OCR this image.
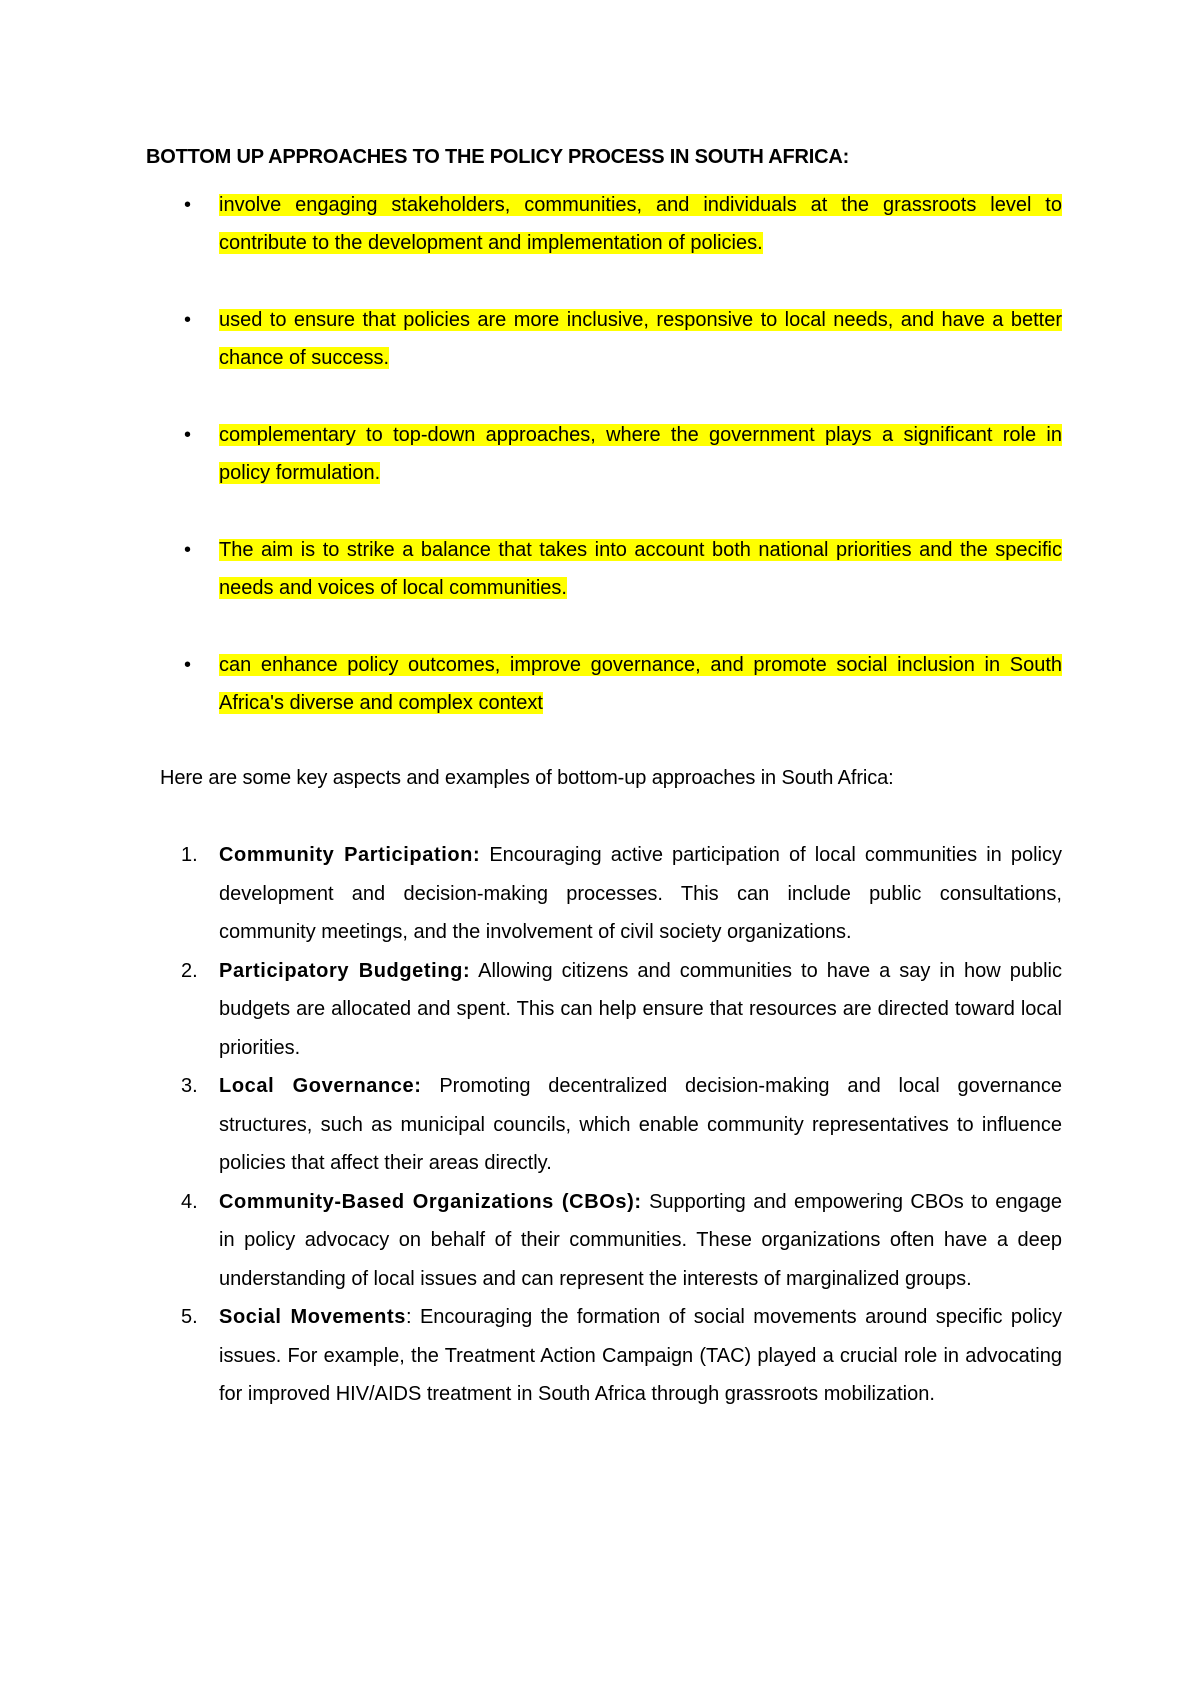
BOTTOM UP APPROACHES TO THE POLICY PROCESS IN SOUTH AFRICA:
• involve engaging stakeholders, communities, and individuals at the grassroots level to contribute to the development and implementation of policies.
• used to ensure that policies are more inclusive, responsive to local needs, and have a better chance of success.
• complementary to top-down approaches, where the government plays a significant role in policy formulation.
• The aim is to strike a balance that takes into account both national priorities and the specific needs and voices of local communities.
• can enhance policy outcomes, improve governance, and promote social inclusion in South Africa's diverse and complex context

Here are some key aspects and examples of bottom-up approaches in South Africa:

1. Community Participation: Encouraging active participation of local communities in policy development and decision-making processes. This can include public consultations, community meetings, and the involvement of civil society organizations.
2. Participatory Budgeting: Allowing citizens and communities to have a say in how public budgets are allocated and spent. This can help ensure that resources are directed toward local priorities.
3. Local Governance: Promoting decentralized decision-making and local governance structures, such as municipal councils, which enable community representatives to influence policies that affect their areas directly.
4. Community-Based Organizations (CBOs): Supporting and empowering CBOs to engage in policy advocacy on behalf of their communities. These organizations often have a deep understanding of local issues and can represent the interests of marginalized groups.
5. Social Movements: Encouraging the formation of social movements around specific policy issues. For example, the Treatment Action Campaign (TAC) played a crucial role in advocating for improved HIV/AIDS treatment in South Africa through grassroots mobilization.
